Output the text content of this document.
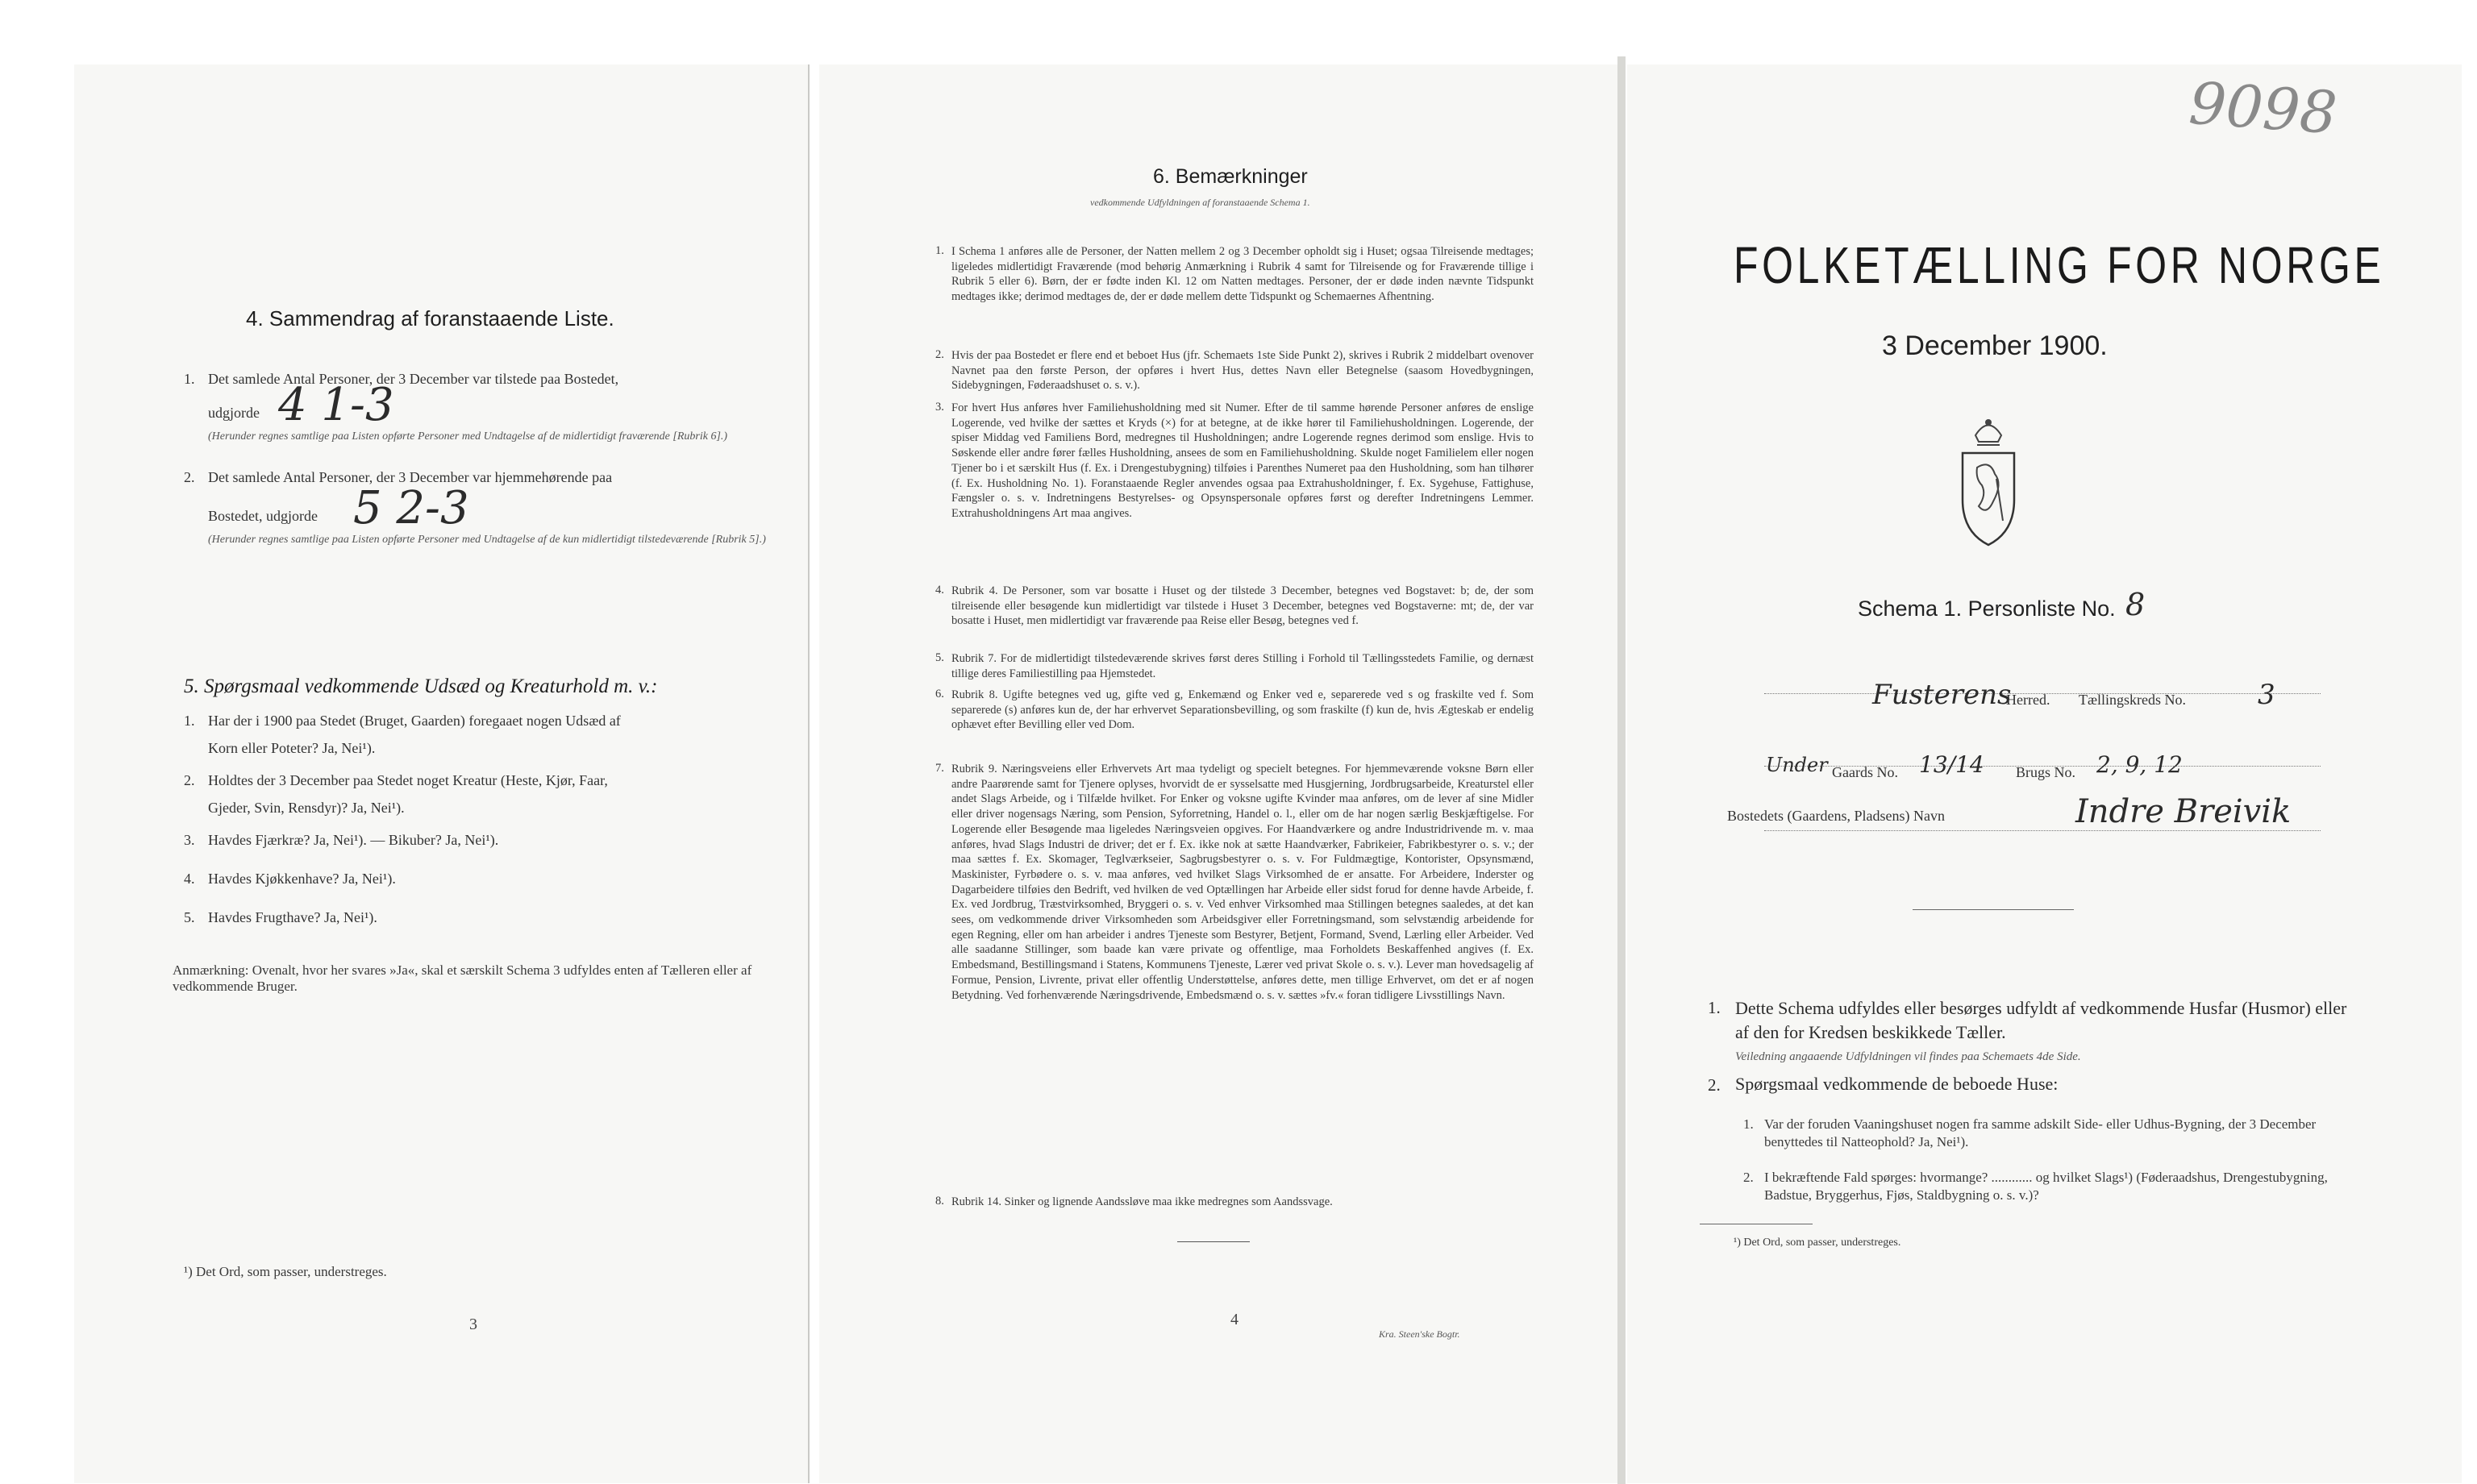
9098
4. Sammendrag af foranstaaende Liste.
1. Det samlede Antal Personer, der 3 December var tilstede paa Bostedet,
udgjorde 4 1-3
(Herunder regnes samtlige paa Listen opførte Personer med Undtagelse af de midlertidigt fraværende [Rubrik 6].)
2. Det samlede Antal Personer, der 3 December var hjemmehørende paa
Bostedet, udgjorde 5 2-3
(Herunder regnes samtlige paa Listen opførte Personer med Undtagelse af de kun midlertidigt tilstedeværende [Rubrik 5].)
5. Spørgsmaal vedkommende Udsæd og Kreaturhold m. v.:
1. Har der i 1900 paa Stedet (Bruget, Gaarden) foregaaet nogen Udsæd af
Korn eller Poteter? Ja, Nei¹).
2. Holdtes der 3 December paa Stedet noget Kreatur (Heste, Kjør, Faar,
Gjeder, Svin, Rensdyr)? Ja, Nei¹).
3. Havdes Fjærkræ? Ja, Nei¹). — Bikuber? Ja, Nei¹).
4. Havdes Kjøkkenhave? Ja, Nei¹).
5. Havdes Frugthave? Ja, Nei¹).
Anmærkning: Ovenalt, hvor her svares »Ja«, skal et særskilt Schema 3 udfyldes enten af Tælleren eller af vedkommende Bruger.
¹) Det Ord, som passer, understreges.
3
6. Bemærkninger
vedkommende Udfyldningen af foranstaaende Schema 1.
1. I Schema 1 anføres alle de Personer, der Natten mellem 2 og 3 December opholdt sig i Huset; ogsaa Tilreisende medtages; ligeledes midlertidigt Fraværende (mod behørig Anmærkning i Rubrik 4 samt for Tilreisende og for Fraværende tillige i Rubrik 5 eller 6). Børn, der er fødte inden Kl. 12 om Natten medtages. Personer, der er døde inden nævnte Tidspunkt medtages ikke; derimod medtages de, der er døde mellem dette Tidspunkt og Schemaernes Afhentning.
2. Hvis der paa Bostedet er flere end et beboet Hus (jfr. Schemaets 1ste Side Punkt 2), skrives i Rubrik 2 middelbart ovenover Navnet paa den første Person, der opføres i hvert Hus, dettes Navn eller Betegnelse (saasom Hovedbygningen, Sidebygningen, Føderaadshuset o. s. v.).
3. For hvert Hus anføres hver Familiehusholdning med sit Numer. Efter de til samme hørende Personer anføres de enslige Logerende, ved hvilke der sættes et Kryds (×) for at betegne, at de ikke hører til Familiehusholdningen. Logerende, der spiser Middag ved Familiens Bord, medregnes til Husholdningen; andre Logerende regnes derimod som enslige. Hvis to Søskende eller andre fører fælles Husholdning, ansees de som en Familiehusholdning. Skulde noget Familielem eller nogen Tjener bo i et særskilt Hus (f. Ex. i Drengestubygning) tilføies i Parenthes Numeret paa den Husholdning, som han tilhører (f. Ex. Husholdning No. 1). Foranstaaende Regler anvendes ogsaa paa Extrahusholdninger, f. Ex. Sygehuse, Fattighuse, Fængsler o. s. v. Indretningens Bestyrelses- og Opsynspersonale opføres først og derefter Indretningens Lemmer. Extrahusholdningens Art maa angives.
4. Rubrik 4. De Personer, som var bosatte i Huset og der tilstede 3 December, betegnes ved Bogstavet: b; de, der som tilreisende eller besøgende kun midlertidigt var tilstede i Huset 3 December, betegnes ved Bogstaverne: mt; de, der var bosatte i Huset, men midlertidigt var fraværende paa Reise eller Besøg, betegnes ved f.
5. Rubrik 7. For de midlertidigt tilstedeværende skrives først deres Stilling i Forhold til Tællingsstedets Familie, og dernæst tillige deres Familiestilling paa Hjemstedet.
6. Rubrik 8. Ugifte betegnes ved ug, gifte ved g, Enkemænd og Enker ved e, separerede ved s og fraskilte ved f. Som separerede (s) anføres kun de, der har erhvervet Separationsbevilling, og som fraskilte (f) kun de, hvis Ægteskab er endelig ophævet efter Bevilling eller ved Dom.
7. Rubrik 9. Næringsveiens eller Erhvervets Art maa tydeligt og specielt betegnes. For hjemmeværende voksne Børn eller andre Paarørende samt for Tjenere oplyses, hvorvidt de er sysselsatte med Husgjerning, Jordbrugsarbeide, Kreaturstel eller andet Slags Arbeide, og i Tilfælde hvilket. For Enker og voksne ugifte Kvinder maa anføres, om de lever af sine Midler eller driver nogensags Næring, som Pension, Syforretning, Handel o. l., eller om de har nogen særlig Beskjæftigelse. For Logerende eller Besøgende maa ligeledes Næringsveien opgives. For Haandværkere og andre Industridrivende m. v. maa anføres, hvad Slags Industri de driver; det er f. Ex. ikke nok at sætte Haandværker, Fabrikeier, Fabrikbestyrer o. s. v.; der maa sættes f. Ex. Skomager, Teglværkseier, Sagbrugsbestyrer o. s. v. For Fuldmægtige, Kontorister, Opsynsmænd, Maskinister, Fyrbødere o. s. v. maa anføres, ved hvilket Slags Virksomhed de er ansatte. For Arbeidere, Inderster og Dagarbeidere tilføies den Bedrift, ved hvilken de ved Optællingen har Arbeide eller sidst forud for denne havde Arbeide, f. Ex. ved Jordbrug, Træstvirksomhed, Bryggeri o. s. v. Ved enhver Virksomhed maa Stillingen betegnes saaledes, at det kan sees, om vedkommende driver Virksomheden som Arbeidsgiver eller Forretningsmand, som selvstændig arbeidende for egen Regning, eller om han arbeider i andres Tjeneste som Bestyrer, Betjent, Formand, Svend, Lærling eller Arbeider. Ved alle saadanne Stillinger, som baade kan være private og offentlige, maa Forholdets Beskaffenhed angives (f. Ex. Embedsmand, Bestillingsmand i Statens, Kommunens Tjeneste, Lærer ved privat Skole o. s. v.). Lever man hovedsagelig af Formue, Pension, Livrente, privat eller offentlig Understøttelse, anføres dette, men tillige Erhvervet, om det er af nogen Betydning. Ved forhenværende Næringsdrivende, Embedsmænd o. s. v. sættes »fv.« foran tidligere Livsstillings Navn.
8. Rubrik 14. Sinker og lignende Aandssløve maa ikke medregnes som Aandssvage.
4
Kra. Steen'ske Bogtr.
FOLKETÆLLING FOR NORGE
3 December 1900.
Schema 1. Personliste No. 8
Fusterens
Herred. Tællingskreds No.	3
Under Gaards No. 13/14 Brugs No. 2, 9, 12
Bostedets (Gaardens, Pladsens) Navn	Indre Breivik
1. Dette Schema udfyldes eller besørges udfyldt af vedkommende Husfar (Husmor) eller af den for Kredsen beskikkede Tæller.
Veiledning angaaende Udfyldningen vil findes paa Schemaets 4de Side.
2. Spørgsmaal vedkommende de beboede Huse:
1. Var der foruden Vaaningshuset nogen fra samme adskilt Side- eller Udhus-Bygning, der 3 December benyttedes til Natteophold? Ja, Nei¹).
2. I bekræftende Fald spørges: hvormange? ............ og hvilket Slags¹) (Føderaadshus, Drengestubygning, Badstue, Bryggerhus, Fjøs, Staldbygning o. s. v.)?
¹) Det Ord, som passer, understreges.
